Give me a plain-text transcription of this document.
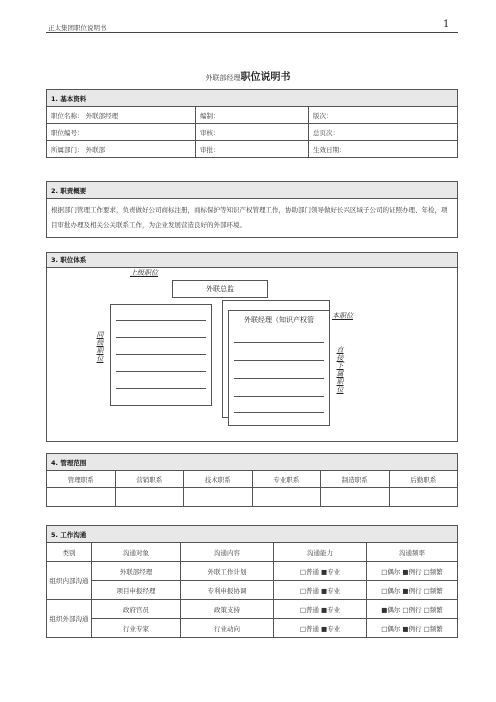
正太集团职位说明书	1
外联部经理职位说明书
1. 基本资料		
职位名称： 外联部经理	编制：	版次：
职位编号：	审核：	总页次：
所属部门： 外联部	审批：	生效日期：
2. 职责概要
根据部门管理工作要求，负责做好公司商标注册，商标保护等知识产权管理工作，协助部门领导做好长兴区域子公司的证照办理、年检，项目审批办理及相关公关联系工作，为企业发展营造良好的外部环境。
3. 职位体系
上级职位
外联总监
同
级
职
位
外联经理（知识产权管	本职位
直
接
下
属
职
位
4. 管理范围					
管理职系	营销职系	技术职系	专业职系	制造职系	后勤职系

5. 工作沟通				
类别	沟通对象	沟通内容	沟通能力	沟通频率
组织内部沟通	外联部经理	外联工作计划	□普通 ■专业	□偶尔 ■例行 □频繁
	项目申报经理	专利申报协调	□普通 ■专业	□偶尔 ■例行 □频繁
组织外部沟通	政府官员	政策支持	□普通 ■专业	■偶尔 □例行 □频繁
	行业专家	行业动向	□普通 ■专业	□偶尔 ■例行 □频繁
